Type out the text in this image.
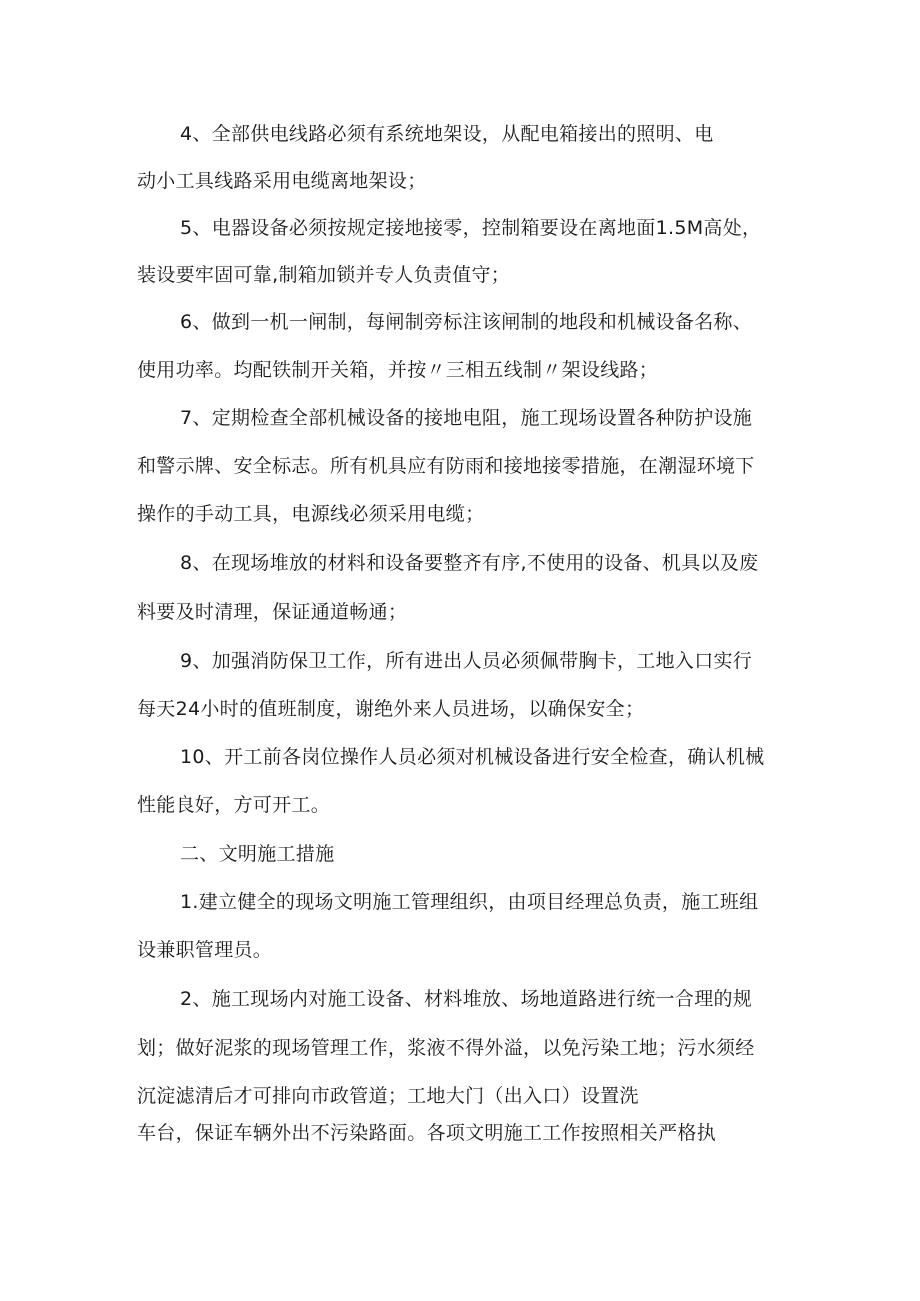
4、全部供电线路必须有系统地架设，从配电箱接出的照明、电
动小工具线路采用电缆离地架设；
5、电器设备必须按规定接地接零，控制箱要设在离地面1.5M高处，
装设要牢固可靠,制箱加锁并专人负责值守；
6、做到一机一闸制，每闸制旁标注该闸制的地段和机械设备名称、
使用功率。均配铁制开关箱，并按〃三相五线制〃架设线路；
7、定期检查全部机械设备的接地电阻，施工现场设置各种防护设施
和警示牌、安全标志。所有机具应有防雨和接地接零措施，在潮湿环境下
操作的手动工具，电源线必须采用电缆；
8、在现场堆放的材料和设备要整齐有序,不使用的设备、机具以及废
料要及时清理，保证通道畅通；
9、加强消防保卫工作，所有进出人员必须佩带胸卡，工地入口实行
每天24小时的值班制度，谢绝外来人员进场，以确保安全；
10、开工前各岗位操作人员必须对机械设备进行安全检查，确认机械
性能良好，方可开工。
二、文明施工措施
1.建立健全的现场文明施工管理组织，由项目经理总负责，施工班组
设兼职管理员。
2、施工现场内对施工设备、材料堆放、场地道路进行统一合理的规
划；做好泥浆的现场管理工作，浆液不得外溢，以免污染工地；污水须经
沉淀滤清后才可排向市政管道；工地大门（出入口）设置洗
车台，保证车辆外出不污染路面。各项文明施工工作按照相关严格执
